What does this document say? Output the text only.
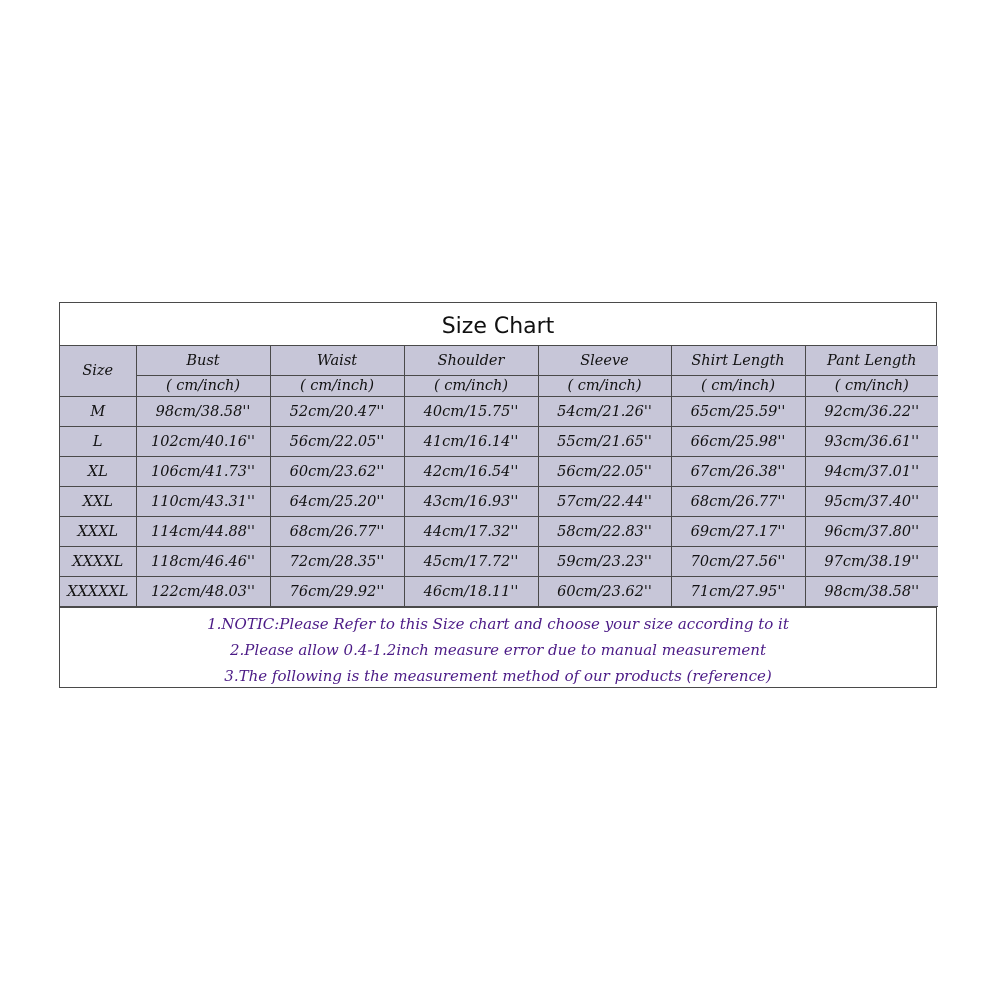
Size Chart
Size	Bust	Waist	Shoulder	Sleeve	Shirt Length	Pant Length
	( cm/inch)	( cm/inch)	( cm/inch)	( cm/inch)	( cm/inch)	( cm/inch)
M	98cm/38.58''	52cm/20.47''	40cm/15.75''	54cm/21.26''	65cm/25.59''	92cm/36.22''
L	102cm/40.16''	56cm/22.05''	41cm/16.14''	55cm/21.65''	66cm/25.98''	93cm/36.61''
XL	106cm/41.73''	60cm/23.62''	42cm/16.54''	56cm/22.05''	67cm/26.38''	94cm/37.01''
XXL	110cm/43.31''	64cm/25.20''	43cm/16.93''	57cm/22.44''	68cm/26.77''	95cm/37.40''
XXXL	114cm/44.88''	68cm/26.77''	44cm/17.32''	58cm/22.83''	69cm/27.17''	96cm/37.80''
XXXXL	118cm/46.46''	72cm/28.35''	45cm/17.72''	59cm/23.23''	70cm/27.56''	97cm/38.19''
XXXXXL	122cm/48.03''	76cm/29.92''	46cm/18.11''	60cm/23.62''	71cm/27.95''	98cm/38.58''
1.NOTIC:Please Refer to this Size chart and choose your size according to it
2.Please allow 0.4-1.2inch measure error due to manual measurement
3.The following is the measurement method of our products (reference)
